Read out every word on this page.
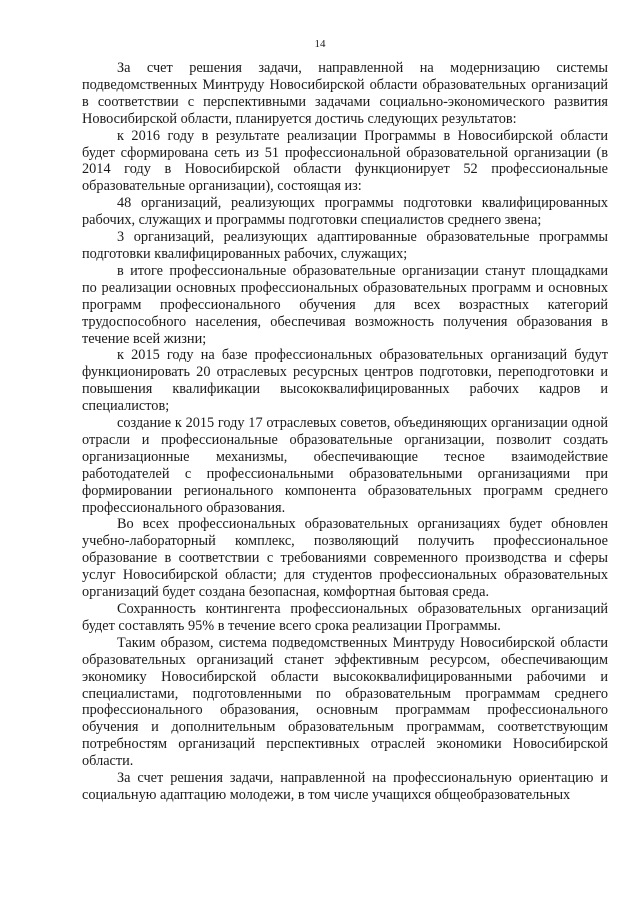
14

За счет решения задачи, направленной на модернизацию системы подведомственных Минтруду Новосибирской области образовательных организаций в соответствии с перспективными задачами социально-экономического развития Новосибирской области, планируется достичь следующих результатов:

к 2016 году в результате реализации Программы в Новосибирской области будет сформирована сеть из 51 профессиональной образовательной организации (в 2014 году в Новосибирской области функционирует 52 профессиональные образовательные организации), состоящая из:

48 организаций, реализующих программы подготовки квалифицированных рабочих, служащих и программы подготовки специалистов среднего звена;

3 организаций, реализующих адаптированные образовательные программы подготовки квалифицированных рабочих, служащих;

в итоге профессиональные образовательные организации станут площадками по реализации основных профессиональных образовательных программ и основных программ профессионального обучения для всех возрастных категорий трудоспособного населения, обеспечивая возможность получения образования в течение всей жизни;

к 2015 году на базе профессиональных образовательных организаций будут функционировать 20 отраслевых ресурсных центров подготовки, переподготовки и повышения квалификации высококвалифицированных рабочих кадров и специалистов;

создание к 2015 году 17 отраслевых советов, объединяющих организации одной отрасли и профессиональные образовательные организации, позволит создать организационные механизмы, обеспечивающие тесное взаимодействие работодателей с профессиональными образовательными организациями при формировании регионального компонента образовательных программ среднего профессионального образования.

Во всех профессиональных образовательных организациях будет обновлен учебно-лабораторный комплекс, позволяющий получить профессиональное образование в соответствии с требованиями современного производства и сферы услуг Новосибирской области; для студентов профессиональных образовательных организаций будет создана безопасная, комфортная бытовая среда.

Сохранность контингента профессиональных образовательных организаций будет составлять 95% в течение всего срока реализации Программы.

Таким образом, система подведомственных Минтруду Новосибирской области образовательных организаций станет эффективным ресурсом, обеспечивающим экономику Новосибирской области высококвалифицированными рабочими и специалистами, подготовленными по образовательным программам среднего профессионального образования, основным программам профессионального обучения и дополнительным образовательным программам, соответствующим потребностям организаций перспективных отраслей экономики Новосибирской области.

За счет решения задачи, направленной на профессиональную ориентацию и социальную адаптацию молодежи, в том числе учащихся общеобразовательных
